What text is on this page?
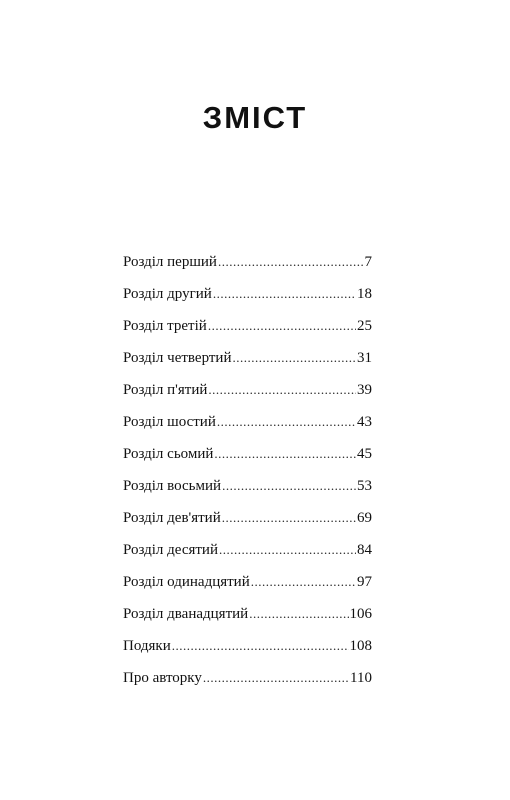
ЗМІСТ
Розділ перший .....	7
Розділ другий .....	18
Розділ третій .....	25
Розділ четвертий .....	31
Розділ п'ятий .....	39
Розділ шостий .....	43
Розділ сьомий .....	45
Розділ восьмий .....	53
Розділ дев'ятий .....	69
Розділ десятий .....	84
Розділ одинадцятий .....	97
Розділ дванадцятий .....	106
Подяки .....	108
Про авторку .....	110
